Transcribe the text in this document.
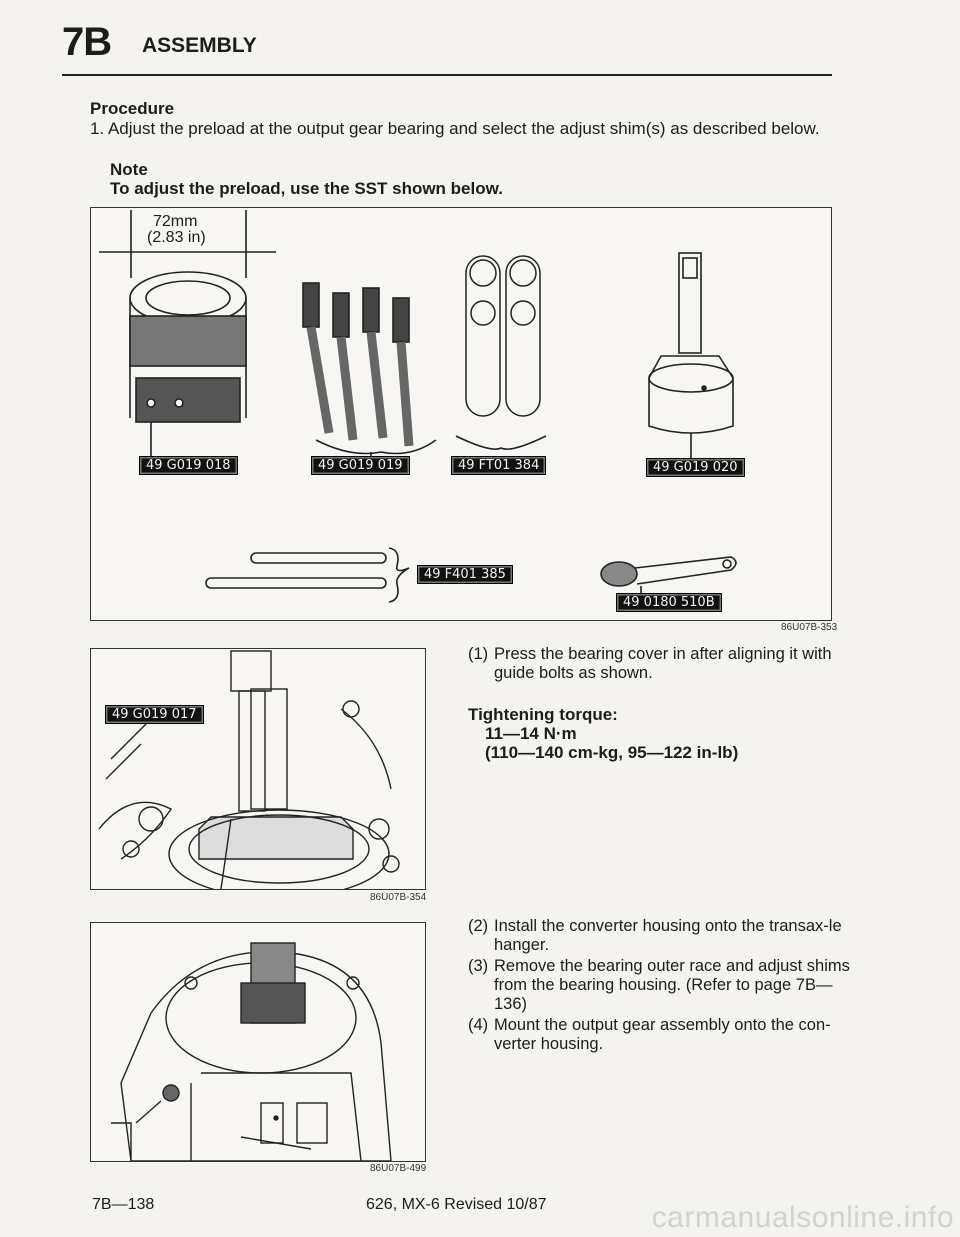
7B ASSEMBLY
Procedure
1. Adjust the preload at the output gear bearing and select the adjust shim(s) as described below.
Note
To adjust the preload, use the SST shown below.
72mm
(2.83 in)
49 G019 018	49 G019 019	49 FT01 384	49 G019 020
49 F401 385
49 0180 510B
86U07B-353
49 G019 017
86U07B-354
86U07B-499
(1) Press the bearing cover in after aligning it with guide bolts as shown.
Tightening torque:
11—14 N·m
(110—140 cm-kg, 95—122 in-lb)
(2) Install the converter housing onto the transax-le hanger.
(3) Remove the bearing outer race and adjust shims from the bearing housing. (Refer to page 7B—136)
(4) Mount the output gear assembly onto the con-verter housing.
7B—138	626, MX-6 Revised 10/87	carmanualsonline.info
